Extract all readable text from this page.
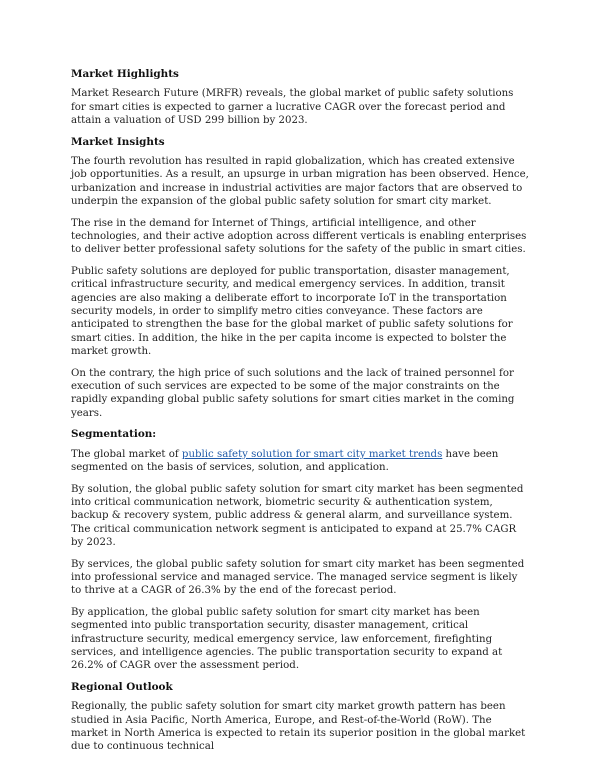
Market Highlights

Market Research Future (MRFR) reveals, the global market of public safety solutions for smart cities is expected to garner a lucrative CAGR over the forecast period and attain a valuation of USD 299 billion by 2023.

Market Insights

The fourth revolution has resulted in rapid globalization, which has created extensive job opportunities. As a result, an upsurge in urban migration has been observed. Hence, urbanization and increase in industrial activities are major factors that are observed to underpin the expansion of the global public safety solution for smart city market.

The rise in the demand for Internet of Things, artificial intelligence, and other technologies, and their active adoption across different verticals is enabling enterprises to deliver better professional safety solutions for the safety of the public in smart cities.

Public safety solutions are deployed for public transportation, disaster management, critical infrastructure security, and medical emergency services. In addition, transit agencies are also making a deliberate effort to incorporate IoT in the transportation security models, in order to simplify metro cities conveyance. These factors are anticipated to strengthen the base for the global market of public safety solutions for smart cities. In addition, the hike in the per capita income is expected to bolster the market growth.

On the contrary, the high price of such solutions and the lack of trained personnel for execution of such services are expected to be some of the major constraints on the rapidly expanding global public safety solutions for smart cities market in the coming years.

Segmentation:

The global market of public safety solution for smart city market trends have been segmented on the basis of services, solution, and application.

By solution, the global public safety solution for smart city market has been segmented into critical communication network, biometric security & authentication system, backup & recovery system, public address & general alarm, and surveillance system. The critical communication network segment is anticipated to expand at 25.7% CAGR by 2023.

By services, the global public safety solution for smart city market has been segmented into professional service and managed service. The managed service segment is likely to thrive at a CAGR of 26.3% by the end of the forecast period.

By application, the global public safety solution for smart city market has been segmented into public transportation security, disaster management, critical infrastructure security, medical emergency service, law enforcement, firefighting services, and intelligence agencies. The public transportation security to expand at 26.2% of CAGR over the assessment period.

Regional Outlook

Regionally, the public safety solution for smart city market growth pattern has been studied in Asia Pacific, North America, Europe, and Rest-of-the-World (RoW). The market in North America is expected to retain its superior position in the global market due to continuous technical
